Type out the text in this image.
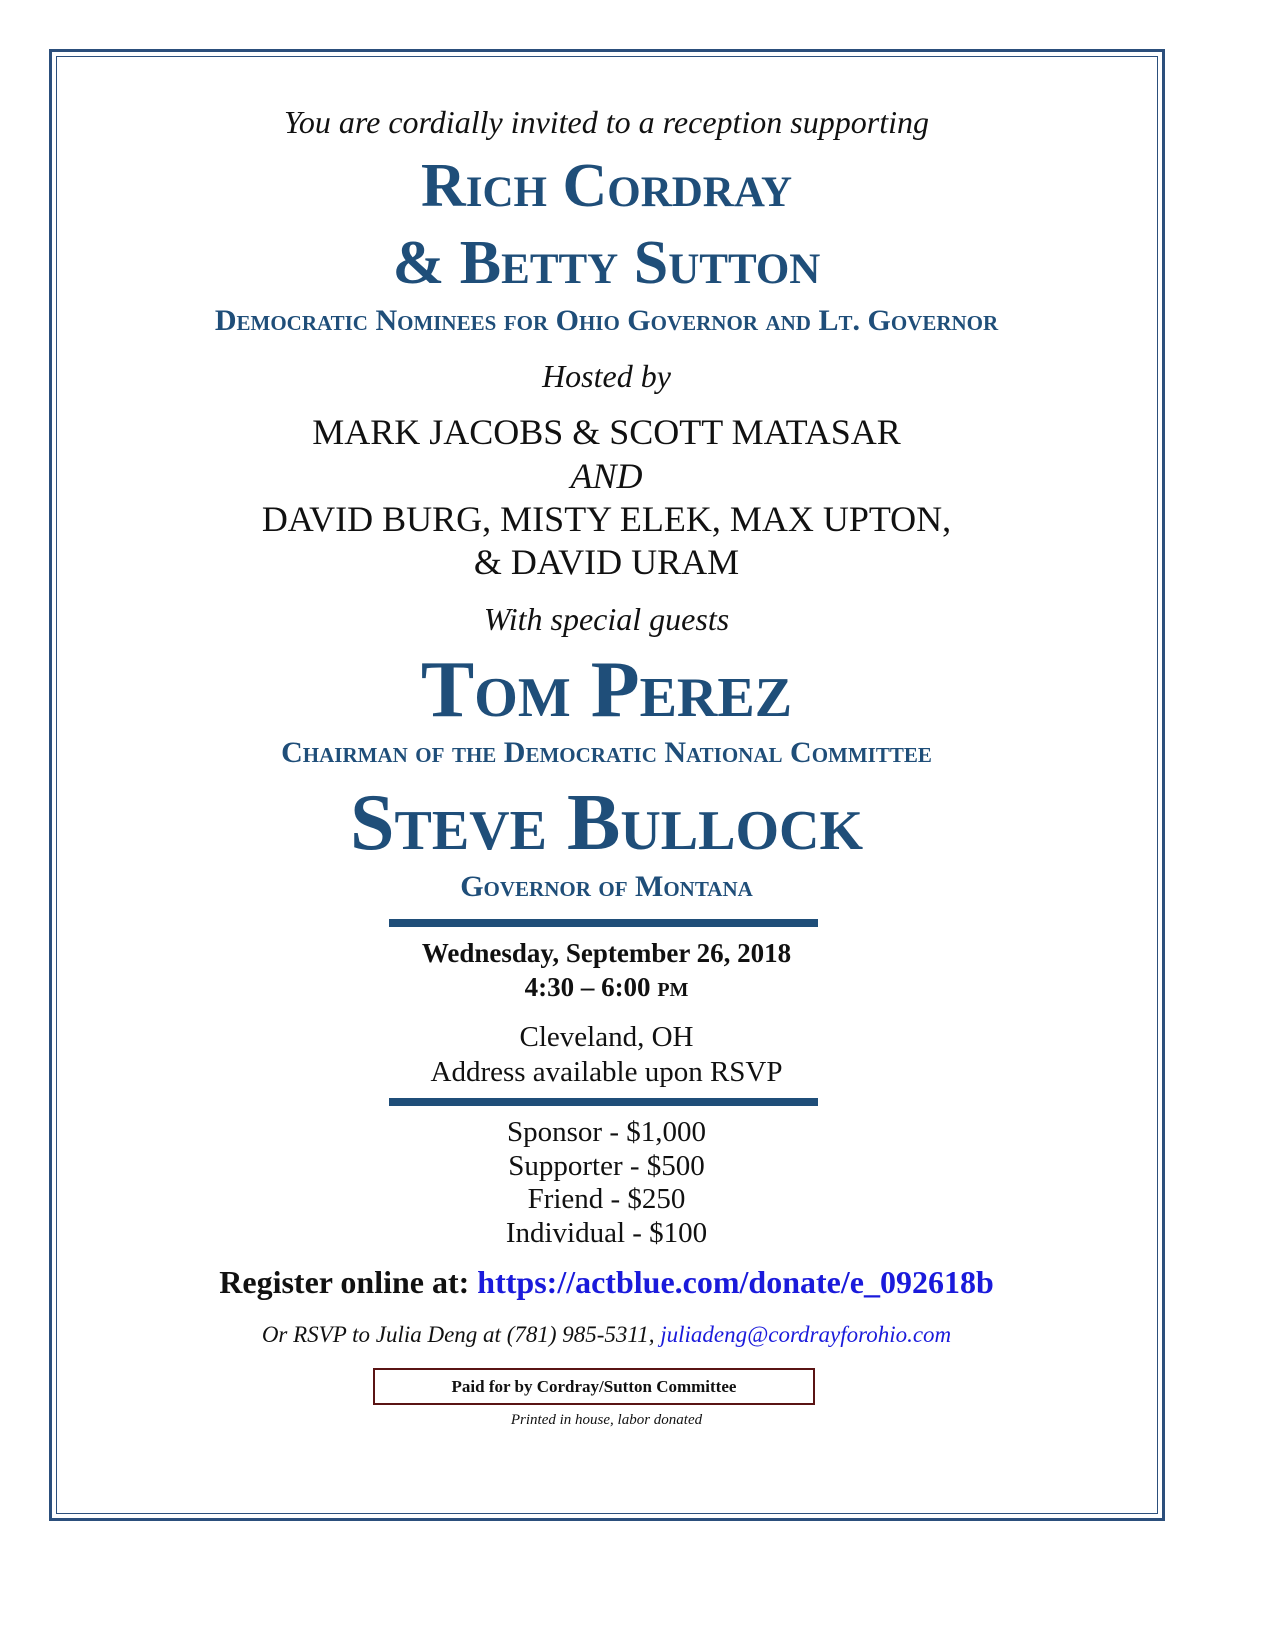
You are cordially invited to a reception supporting
Rich Cordray
& Betty Sutton
Democratic Nominees for Ohio Governor and Lt. Governor
Hosted by
MARK JACOBS & SCOTT MATASAR
AND
DAVID BURG, MISTY ELEK, MAX UPTON,
& DAVID URAM
With special guests
Tom Perez
Chairman of the Democratic National Committee
Steve Bullock
Governor of Montana
Wednesday, September 26, 2018
4:30 – 6:00 PM
Cleveland, OH
Address available upon RSVP
Sponsor - $1,000
Supporter - $500
Friend - $250
Individual - $100
Register online at: https://actblue.com/donate/e_092618b
Or RSVP to Julia Deng at (781) 985-5311, juliadeng@cordrayforohio.com
Paid for by Cordray/Sutton Committee
Printed in house, labor donated
